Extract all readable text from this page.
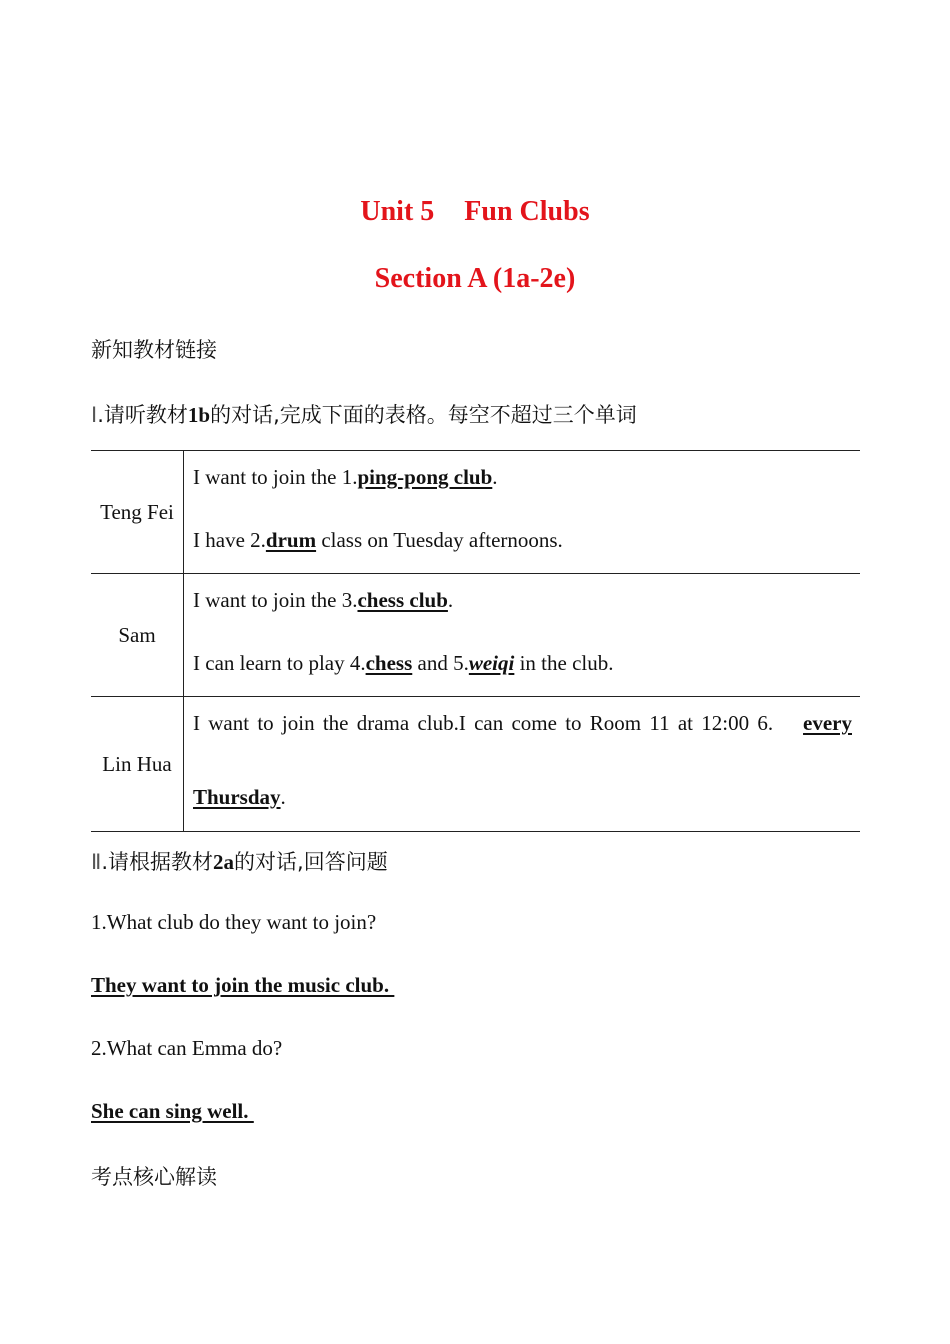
Unit 5 Fun Clubs
Section A (1a-2e)
新知教材链接
Ⅰ.请听教材1b的对话,完成下面的表格。每空不超过三个单词
Teng Fei	I want to join the 1.ping-pong club.
I have 2.drum class on Tuesday afternoons.

Sam	I want to join the 3.chess club.
I can learn to play 4.chess and 5.weiqi in the club.

Lin Hua	I want to join the drama club.I can come to Room 11 at 12:00 6. every
Thursday.
Ⅱ.请根据教材2a的对话,回答问题
1.What club do they want to join?
They want to join the music club.
2.What can Emma do?
She can sing well.
考点核心解读
